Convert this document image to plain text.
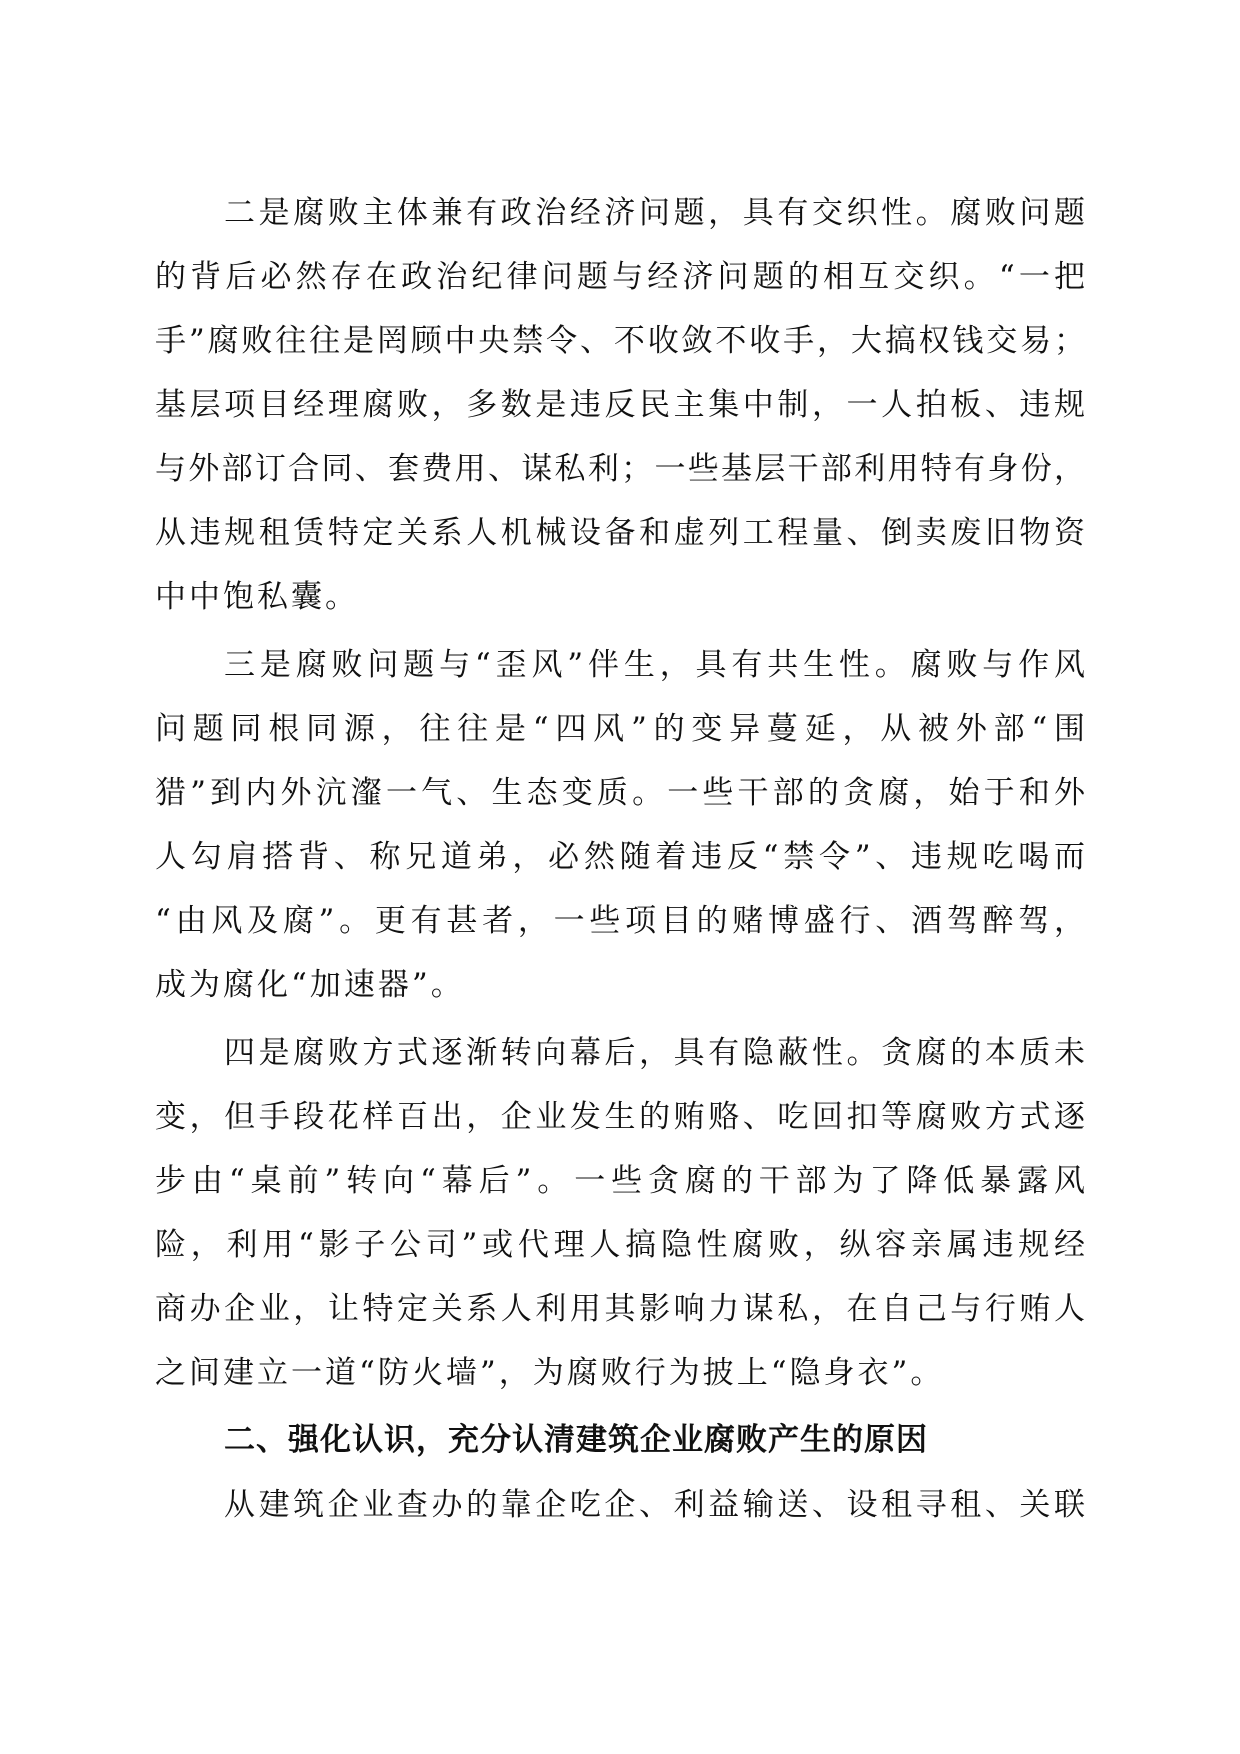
二是腐败主体兼有政治经济问题，具有交织性。腐败问题
的背后必然存在政治纪律问题与经济问题的相互交织。“一把
手”腐败往往是罔顾中央禁令、不收敛不收手，大搞权钱交易；
基层项目经理腐败，多数是违反民主集中制，一人拍板、违规
与外部订合同、套费用、谋私利；一些基层干部利用特有身份，
从违规租赁特定关系人机械设备和虚列工程量、倒卖废旧物资
中中饱私囊。
三是腐败问题与“歪风”伴生，具有共生性。腐败与作风
问题同根同源，往往是“四风”的变异蔓延，从被外部“围
猎”到内外沆瀣一气、生态变质。一些干部的贪腐，始于和外
人勾肩搭背、称兄道弟，必然随着违反“禁令”、违规吃喝而
“由风及腐”。更有甚者，一些项目的赌博盛行、酒驾醉驾，
成为腐化“加速器”。
四是腐败方式逐渐转向幕后，具有隐蔽性。贪腐的本质未
变，但手段花样百出，企业发生的贿赂、吃回扣等腐败方式逐
步由“桌前”转向“幕后”。一些贪腐的干部为了降低暴露风
险，利用“影子公司”或代理人搞隐性腐败，纵容亲属违规经
商办企业，让特定关系人利用其影响力谋私，在自己与行贿人
之间建立一道“防火墙”，为腐败行为披上“隐身衣”。
二、强化认识，充分认清建筑企业腐败产生的原因
从建筑企业查办的靠企吃企、利益输送、设租寻租、关联
